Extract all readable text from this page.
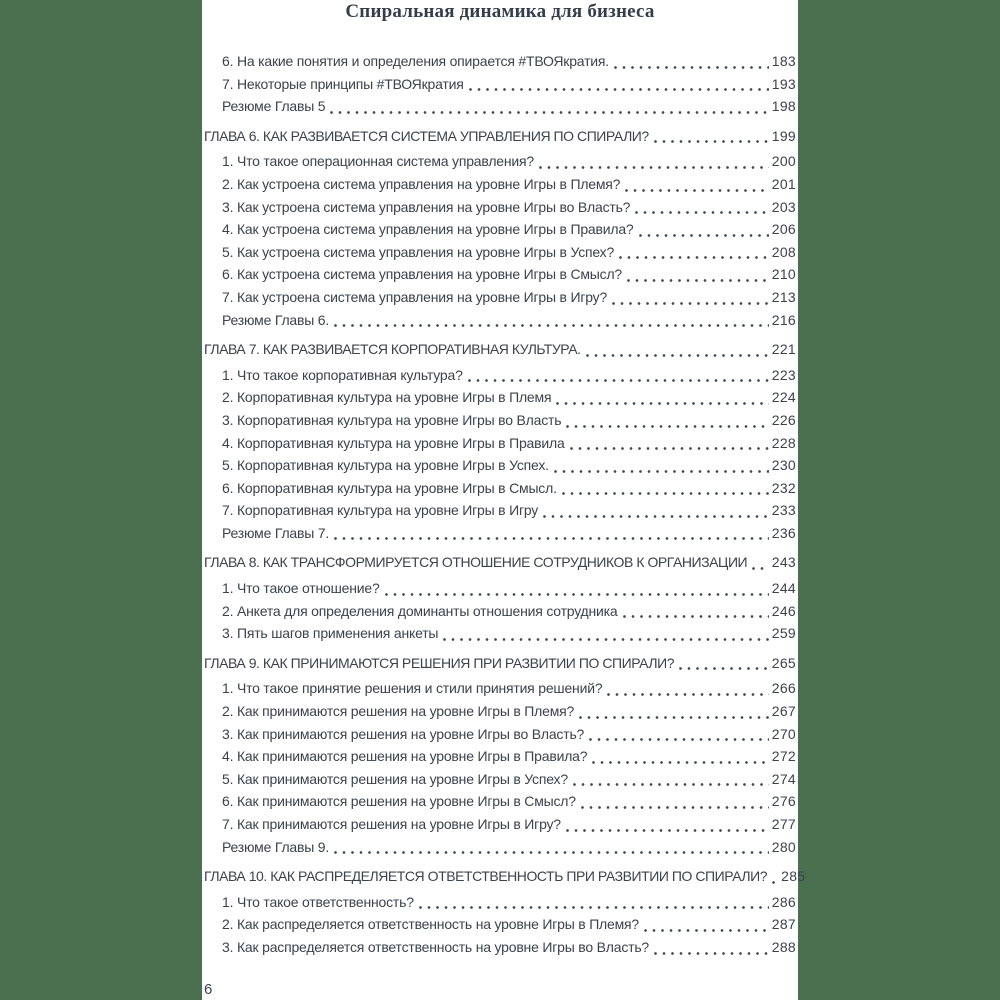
Спиральная динамика для бизнеса
6. На какие понятия и определения опирается #ТВОЯкратия.	183
7. Некоторые принципы #ТВОЯкратия	193
Резюме Главы 5	198
ГЛАВА 6. КАК РАЗВИВАЕТСЯ СИСТЕМА УПРАВЛЕНИЯ ПО СПИРАЛИ?	199
1. Что такое операционная система управления?	200
2. Как устроена система управления на уровне Игры в Племя?	201
3. Как устроена система управления на уровне Игры во Власть?	203
4. Как устроена система управления на уровне Игры в Правила?	206
5. Как устроена система управления на уровне Игры в Успех?	208
6. Как устроена система управления на уровне Игры в Смысл?	210
7. Как устроена система управления на уровне Игры в Игру?	213
Резюме Главы 6.	216
ГЛАВА 7. КАК РАЗВИВАЕТСЯ КОРПОРАТИВНАЯ КУЛЬТУРА.	221
1. Что такое корпоративная культура?	223
2. Корпоративная культура на уровне Игры в Племя	224
3. Корпоративная культура на уровне Игры во Власть	226
4. Корпоративная культура на уровне Игры в Правила	228
5. Корпоративная культура на уровне Игры в Успех.	230
6. Корпоративная культура на уровне Игры в Смысл.	232
7. Корпоративная культура на уровне Игры в Игру	233
Резюме Главы 7.	236
ГЛАВА 8. КАК ТРАНСФОРМИРУЕТСЯ ОТНОШЕНИЕ СОТРУДНИКОВ К ОРГАНИЗАЦИИ 243
1. Что такое отношение?	244
2. Анкета для определения доминанты отношения сотрудника	246
3. Пять шагов применения анкеты	259
ГЛАВА 9. КАК ПРИНИМАЮТСЯ РЕШЕНИЯ ПРИ РАЗВИТИИ ПО СПИРАЛИ?	265
1. Что такое принятие решения и стили принятия решений?	266
2. Как принимаются решения на уровне Игры в Племя?	267
3. Как принимаются решения на уровне Игры во Власть?	270
4. Как принимаются решения на уровне Игры в Правила?	272
5. Как принимаются решения на уровне Игры в Успех?	274
6. Как принимаются решения на уровне Игры в Смысл?	276
7. Как принимаются решения на уровне Игры в Игру?	277
Резюме Главы 9.	280
ГЛАВА 10. КАК РАСПРЕДЕЛЯЕТСЯ ОТВЕТСТВЕННОСТЬ ПРИ РАЗВИТИИ ПО СПИРАЛИ? 285
1. Что такое ответственность?	286
2. Как распределяется ответственность на уровне Игры в Племя?	287
3. Как распределяется ответственность на уровне Игры во Власть?	288
6
